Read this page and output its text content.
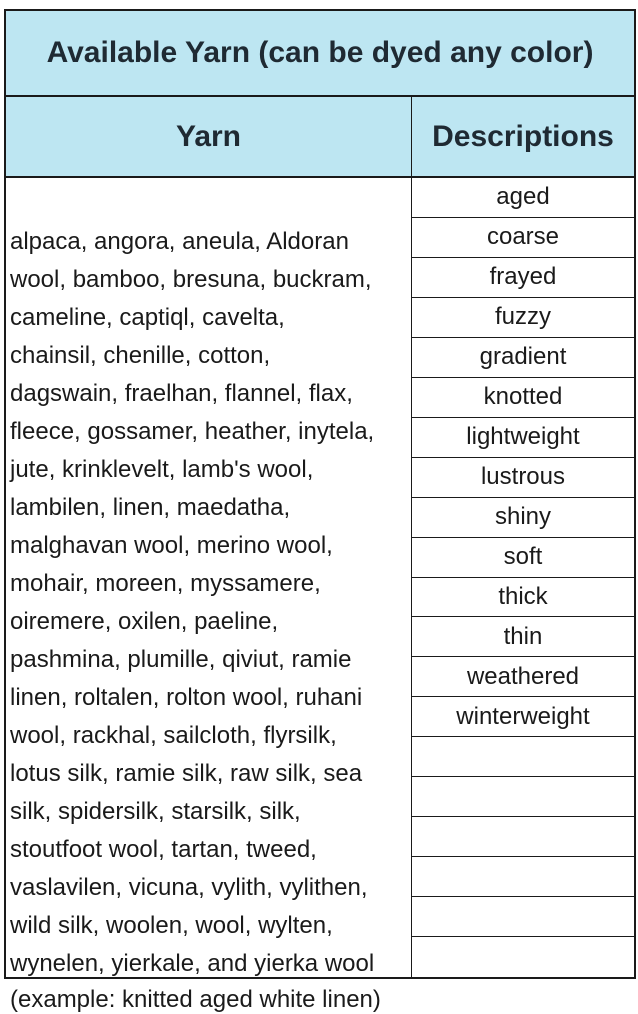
Available Yarn (can be dyed any color)
Yarn	Descriptions
alpaca, angora, aneula, Aldoran
wool, bamboo, bresuna, buckram,
cameline, captiql, cavelta,
chainsil, chenille, cotton,
dagswain, fraelhan, flannel, flax,
fleece, gossamer, heather, inytela,
jute, krinklevelt, lamb's wool,
lambilen, linen, maedatha,
malghavan wool, merino wool,
mohair, moreen, myssamere,
oiremere, oxilen, paeline,
pashmina, plumille, qiviut, ramie
linen, roltalen, rolton wool, ruhani
wool, rackhal, sailcloth, flyrsilk,
lotus silk, ramie silk, raw silk, sea
silk, spidersilk, starsilk, silk,
stoutfoot wool, tartan, tweed,
vaslavilen, vicuna, vylith, vylithen,
wild silk, woolen, wool, wylten,
wynelen, yierkale, and yierka wool
aged
coarse
frayed
fuzzy
gradient
knotted
lightweight
lustrous
shiny
soft
thick
thin
weathered
winterweight
(example: knitted aged white linen)
